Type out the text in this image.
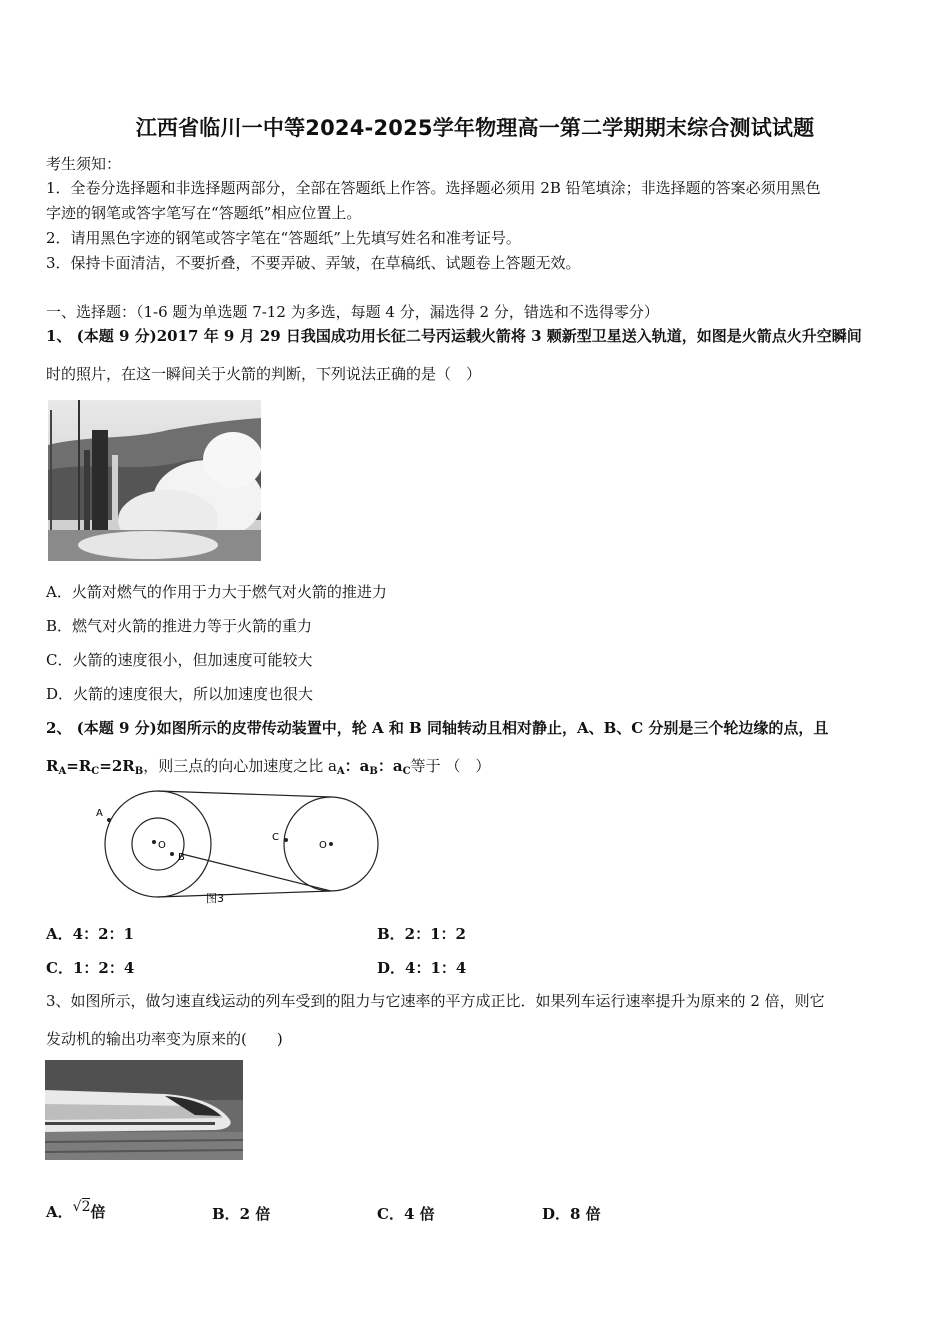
江西省临川一中等2024-2025学年物理高一第二学期期末综合测试试题
考生须知：
1．全卷分选择题和非选择题两部分，全部在答题纸上作答。选择题必须用 2B 铅笔填涂；非选择题的答案必须用黑色
字迹的钢笔或答字笔写在“答题纸”相应位置上。
2．请用黑色字迹的钢笔或答字笔在“答题纸”上先填写姓名和准考证号。
3．保持卡面清洁，不要折叠，不要弄破、弄皱，在草稿纸、试题卷上答题无效。
一、选择题：（1-6 题为单选题 7-12 为多选，每题 4 分，漏选得 2 分，错选和不选得零分）
1、 (本题 9 分)2017 年 9 月 29 日我国成功用长征二号丙运载火箭将 3 颗新型卫星送入轨道，如图是火箭点火升空瞬间
时的照片，在这一瞬间关于火箭的判断，下列说法正确的是（　）
A．火箭对燃气的作用于力大于燃气对火箭的推进力
B．燃气对火箭的推进力等于火箭的重力
C．火箭的速度很小，但加速度可能较大
D．火箭的速度很大，所以加速度也很大
2、 (本题 9 分)如图所示的皮带传动装置中，轮 A 和 B 同轴转动且相对静止，A、B、C 分别是三个轮边缘的点，且
$R_A=R_C=2R_B$，则三点的向心加速度之比 $a_A$：$a_B$：$a_C$等于 （　）
A
O
B
C
O
图3
A．4：2：1	B．2：1：2
C．1：2：4	D．4：1：4
3、如图所示，做匀速直线运动的列车受到的阻力与它速率的平方成正比．如果列车运行速率提升为原来的 2 倍，则它
发动机的输出功率变为原来的(　　)
A．√2倍	B．2 倍	C．4 倍	D．8 倍
